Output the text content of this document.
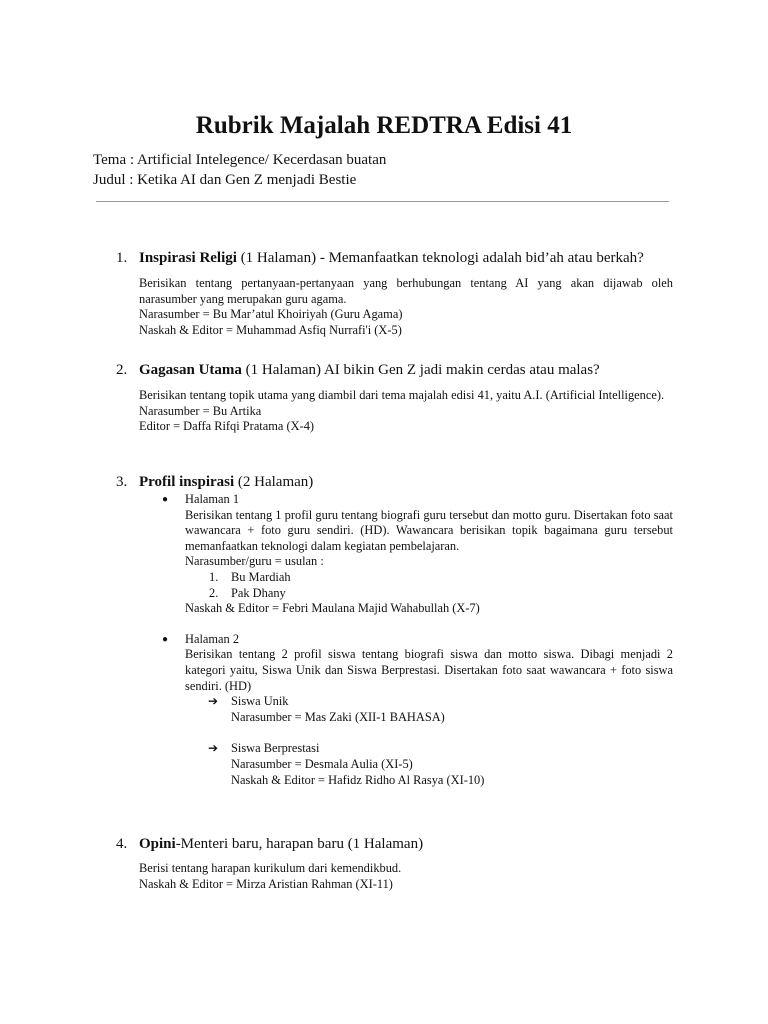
Rubrik Majalah REDTRA Edisi 41
Tema : Artificial Intelegence/ Kecerdasan buatan
Judul : Ketika AI dan Gen Z menjadi Bestie
1. Inspirasi Religi (1 Halaman) - Memanfaatkan teknologi adalah bid’ah atau berkah?
Berisikan tentang pertanyaan-pertanyaan yang berhubungan tentang AI yang akan dijawab oleh narasumber yang merupakan guru agama.
Narasumber = Bu Mar’atul Khoiriyah (Guru Agama)
Naskah & Editor = Muhammad Asfiq Nurrafi'i (X-5)
2. Gagasan Utama (1 Halaman) AI bikin Gen Z jadi makin cerdas atau malas?
Berisikan tentang topik utama yang diambil dari tema majalah edisi 41, yaitu A.I. (Artificial Intelligence).
Narasumber = Bu Artika
Editor = Daffa Rifqi Pratama (X-4)
3. Profil inspirasi (2 Halaman)
● Halaman 1
Berisikan tentang 1 profil guru tentang biografi guru tersebut dan motto guru. Disertakan foto saat wawancara + foto guru sendiri. (HD). Wawancara berisikan topik bagaimana guru tersebut memanfaatkan teknologi dalam kegiatan pembelajaran.
Narasumber/guru = usulan :
1. Bu Mardiah
2. Pak Dhany
Naskah & Editor = Febri Maulana Majid Wahabullah (X-7)
● Halaman 2
Berisikan tentang 2 profil siswa tentang biografi siswa dan motto siswa. Dibagi menjadi 2 kategori yaitu, Siswa Unik dan Siswa Berprestasi. Disertakan foto saat wawancara + foto siswa sendiri. (HD)
➔ Siswa Unik
Narasumber = Mas Zaki (XII-1 BAHASA)
➔ Siswa Berprestasi
Narasumber = Desmala Aulia (XI-5)
Naskah & Editor = Hafidz Ridho Al Rasya (XI-10)
4. Opini-Menteri baru, harapan baru (1 Halaman)
Berisi tentang harapan kurikulum dari kemendikbud.
Naskah & Editor = Mirza Aristian Rahman (XI-11)
